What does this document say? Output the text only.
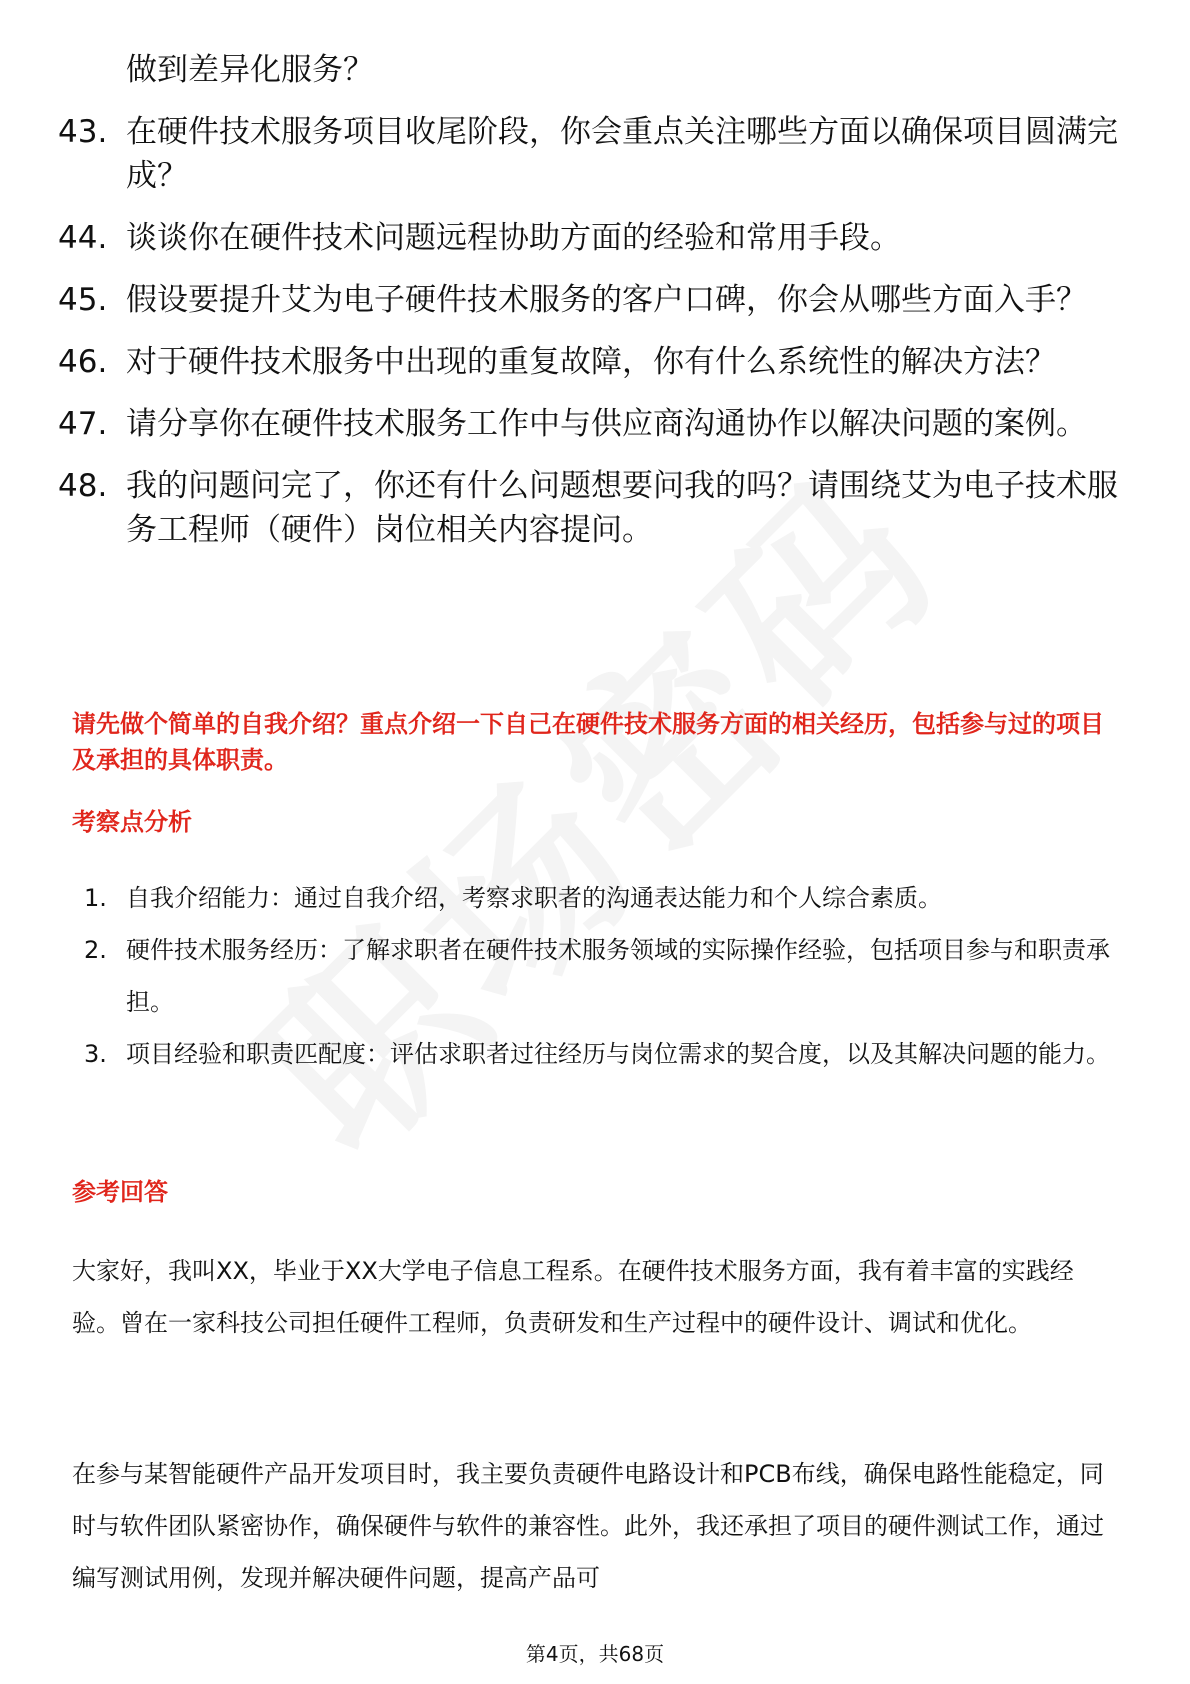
做到差异化服务？
43. 在硬件技术服务项目收尾阶段，你会重点关注哪些方面以确保项目圆满完成？
44. 谈谈你在硬件技术问题远程协助方面的经验和常用手段。
45. 假设要提升艾为电子硬件技术服务的客户口碑，你会从哪些方面入手？
46. 对于硬件技术服务中出现的重复故障，你有什么系统性的解决方法？
47. 请分享你在硬件技术服务工作中与供应商沟通协作以解决问题的案例。
48. 我的问题问完了，你还有什么问题想要问我的吗？请围绕艾为电子技术服务工程师（硬件）岗位相关内容提问。
请先做个简单的自我介绍？重点介绍一下自己在硬件技术服务方面的相关经历，包括参与过的项目及承担的具体职责。
考察点分析
1. 自我介绍能力：通过自我介绍，考察求职者的沟通表达能力和个人综合素质。
2. 硬件技术服务经历：了解求职者在硬件技术服务领域的实际操作经验，包括项目参与和职责承担。
3. 项目经验和职责匹配度：评估求职者过往经历与岗位需求的契合度，以及其解决问题的能力。
参考回答
大家好，我叫XX，毕业于XX大学电子信息工程系。在硬件技术服务方面，我有着丰富的实践经验。曾在一家科技公司担任硬件工程师，负责研发和生产过程中的硬件设计、调试和优化。
在参与某智能硬件产品开发项目时，我主要负责硬件电路设计和PCB布线，确保电路性能稳定，同时与软件团队紧密协作，确保硬件与软件的兼容性。此外，我还承担了项目的硬件测试工作，通过编写测试用例，发现并解决硬件问题，提高产品可
第4页，共68页
